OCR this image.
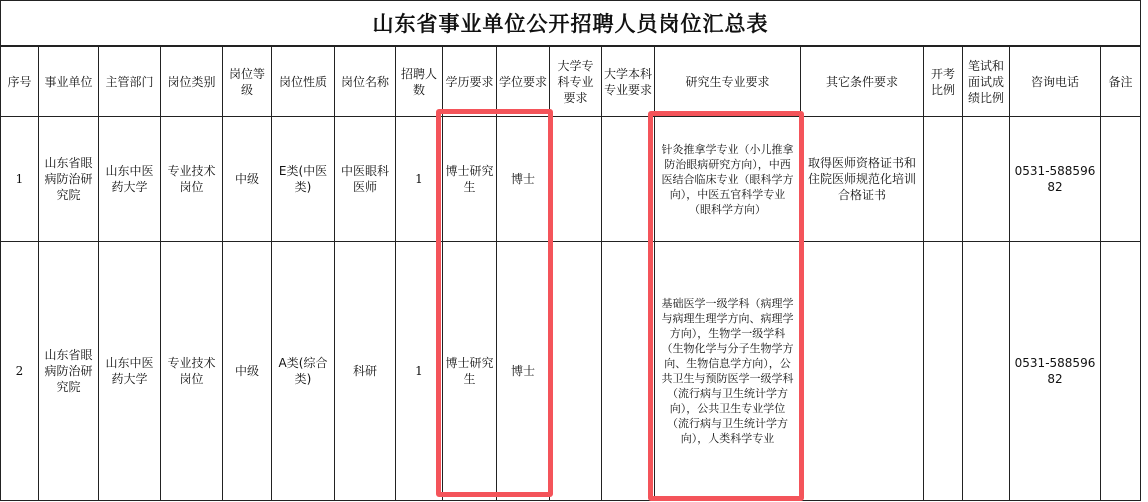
山东省事业单位公开招聘人员岗位汇总表
序号	事业单位	主管部门	岗位类别	岗位等级	岗位性质	岗位名称	招聘人数	学历要求	学位要求	大学专科专业要求	大学本科专业要求	研究生专业要求	其它条件要求	开考比例	笔试和面试成绩比例	咨询电话	备注
1	山东省眼病防治研究院	山东中医药大学	专业技术岗位	中级	E类(中医类)	中医眼科医师	1	博士研究生	博士			针灸推拿学专业（小儿推拿防治眼病研究方向），中西医结合临床专业（眼科学方向），中医五官科学专业（眼科学方向）	取得医师资格证书和住院医师规范化培训合格证书			0531-58859682	
2	山东省眼病防治研究院	山东中医药大学	专业技术岗位	中级	A类(综合类)	科研	1	博士研究生	博士			基础医学一级学科（病理学与病理生理学方向、病理学方向），生物学一级学科（生物化学与分子生物学方向、生物信息学方向），公共卫生与预防医学一级学科（流行病与卫生统计学方向），公共卫生专业学位（流行病与卫生统计学方向），人类科学专业				0531-58859682	
